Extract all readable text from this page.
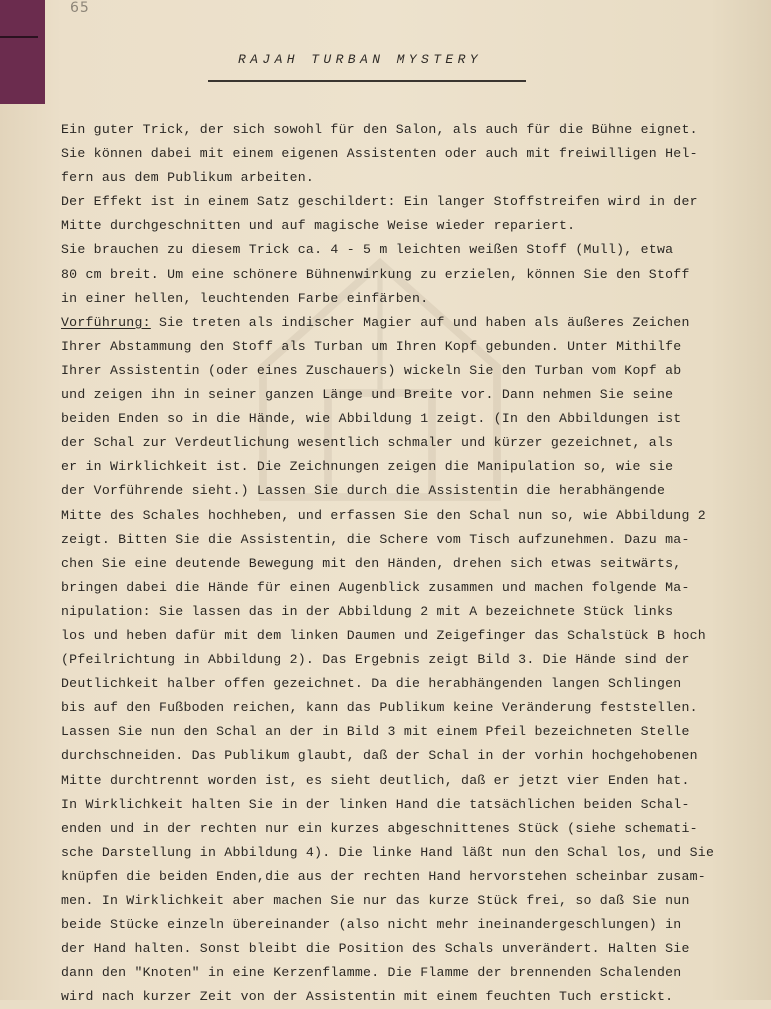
65
RAJAH TURBAN MYSTERY
Ein guter Trick, der sich sowohl für den Salon, als auch für die Bühne eignet.
Sie können dabei mit einem eigenen Assistenten oder auch mit freiwilligen Hel-
fern aus dem Publikum arbeiten.
Der Effekt ist in einem Satz geschildert: Ein langer Stoffstreifen wird in der
Mitte durchgeschnitten und auf magische Weise wieder repariert.
Sie brauchen zu diesem Trick ca. 4 - 5 m leichten weißen Stoff (Mull), etwa
80 cm breit. Um eine schönere Bühnenwirkung zu erzielen, können Sie den Stoff
in einer hellen, leuchtenden Farbe einfärben.
Vorführung: Sie treten als indischer Magier auf und haben als äußeres Zeichen
Ihrer Abstammung den Stoff als Turban um Ihren Kopf gebunden. Unter Mithilfe
Ihrer Assistentin (oder eines Zuschauers) wickeln Sie den Turban vom Kopf ab
und zeigen ihn in seiner ganzen Länge und Breite vor. Dann nehmen Sie seine
beiden Enden so in die Hände, wie Abbildung 1 zeigt. (In den Abbildungen ist
der Schal zur Verdeutlichung wesentlich schmaler und kürzer gezeichnet, als
er in Wirklichkeit ist. Die Zeichnungen zeigen die Manipulation so, wie sie
der Vorführende sieht.) Lassen Sie durch die Assistentin die herabhängende
Mitte des Schales hochheben, und erfassen Sie den Schal nun so, wie Abbildung 2
zeigt. Bitten Sie die Assistentin, die Schere vom Tisch aufzunehmen. Dazu ma-
chen Sie eine deutende Bewegung mit den Händen, drehen sich etwas seitwärts,
bringen dabei die Hände für einen Augenblick zusammen und machen folgende Ma-
nipulation: Sie lassen das in der Abbildung 2 mit A bezeichnete Stück links
los und heben dafür mit dem linken Daumen und Zeigefinger das Schalstück B hoch
(Pfeilrichtung in Abbildung 2). Das Ergebnis zeigt Bild 3. Die Hände sind der
Deutlichkeit halber offen gezeichnet. Da die herabhängenden langen Schlingen
bis auf den Fußboden reichen, kann das Publikum keine Veränderung feststellen.
Lassen Sie nun den Schal an der in Bild 3 mit einem Pfeil bezeichneten Stelle
durchschneiden. Das Publikum glaubt, daß der Schal in der vorhin hochgehobenen
Mitte durchtrennt worden ist, es sieht deutlich, daß er jetzt vier Enden hat.
In Wirklichkeit halten Sie in der linken Hand die tatsächlichen beiden Schal-
enden und in der rechten nur ein kurzes abgeschnittenes Stück (siehe schemati-
sche Darstellung in Abbildung 4). Die linke Hand läßt nun den Schal los, und Sie
knüpfen die beiden Enden,die aus der rechten Hand hervorstehen scheinbar zusam-
men. In Wirklichkeit aber machen Sie nur das kurze Stück frei, so daß Sie nun
beide Stücke einzeln übereinander (also nicht mehr ineinandergeschlungen) in
der Hand halten. Sonst bleibt die Position des Schals unverändert. Halten Sie
dann den "Knoten" in eine Kerzenflamme. Die Flamme der brennenden Schalenden
wird nach kurzer Zeit von der Assistentin mit einem feuchten Tuch erstickt.
